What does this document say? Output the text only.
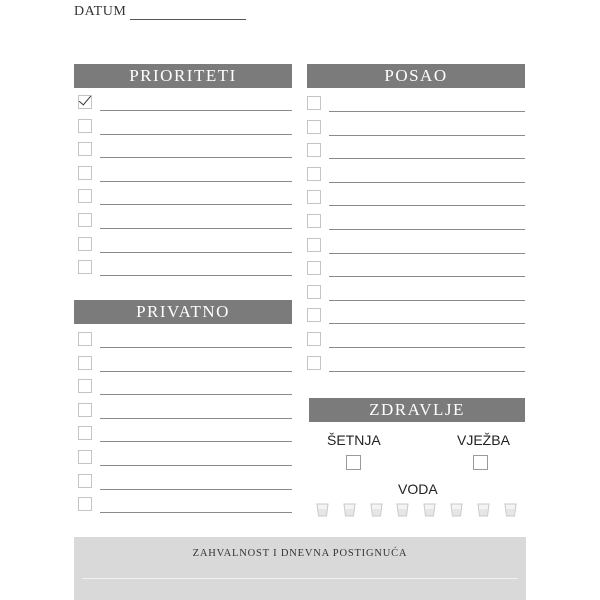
DATUM
PRIORITETI	POSAO
PRIVATNO
ZDRAVLJE
ŠETNJA	VJEŽBA
VODA
ZAHVALNOST I DNEVNA POSTIGNUĆA
